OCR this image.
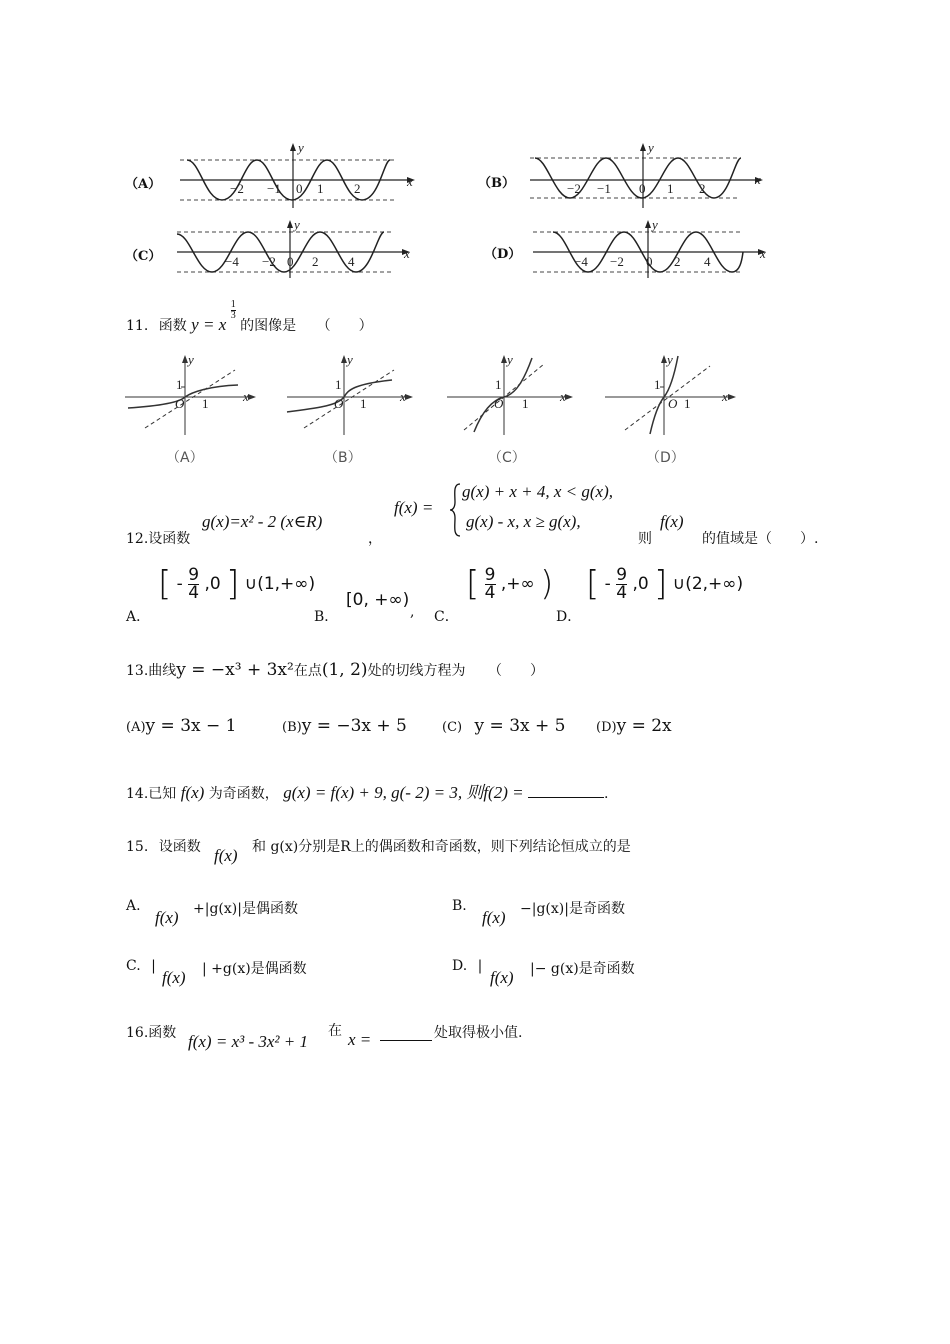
（A）	（B）
（C）	（D）
y
x
−2 −1 0 1 2
y
x
−2 −1 0 1 2
y
x
−4 −2 0 2 4
y
x
−4 −2 0 2 4
11. 函数 y = x
$\frac{1}{3}$
的图像是 （　　）
y
x
O 1
1
（A）
y
x
O 1
1
（B）
y
x
O 1
1
（C）
y
x
O 1
1
（D）
12.设函数
g(x)=x² - 2 (x∈R)
，
f(x) =
g(x) + x + 4, x < g(x),
g(x) - x, x ≥ g(x),
则
f(x)
的值域是（　　）.
A．
[ - $\frac{9}{4} ,0$ ] ∪(1,+∞)
B．
[0, +∞)
, C．
[ $\frac{9}{4}$ ,+∞ )
D．
[ - $\frac{9}{4} ,0$ ] ∪(2,+∞)
13.曲线y = −x³ + 3x²在点(1, 2)处的切线方程为 （　　）
(A)y = 3x − 1	(B)y = −3x + 5	(C) y = 3x + 5 (D)y = 2x
14.已知 f(x) 为奇函数， g(x) = f(x) + 9, g(- 2) = 3, 则f(2) =	.
15. 设函数 f(x) 和 g(x)分别是R上的偶函数和奇函数，则下列结论恒成立的是
A.
f(x) +|g(x)|是偶函数	B.
f(x) −|g(x)|是奇函数
C. |
f(x) | +g(x)是偶函数	D. |
f(x) |− g(x)是奇函数
16.函数 f(x) = x³ - 3x² + 1
在 x =	处取得极小值.
